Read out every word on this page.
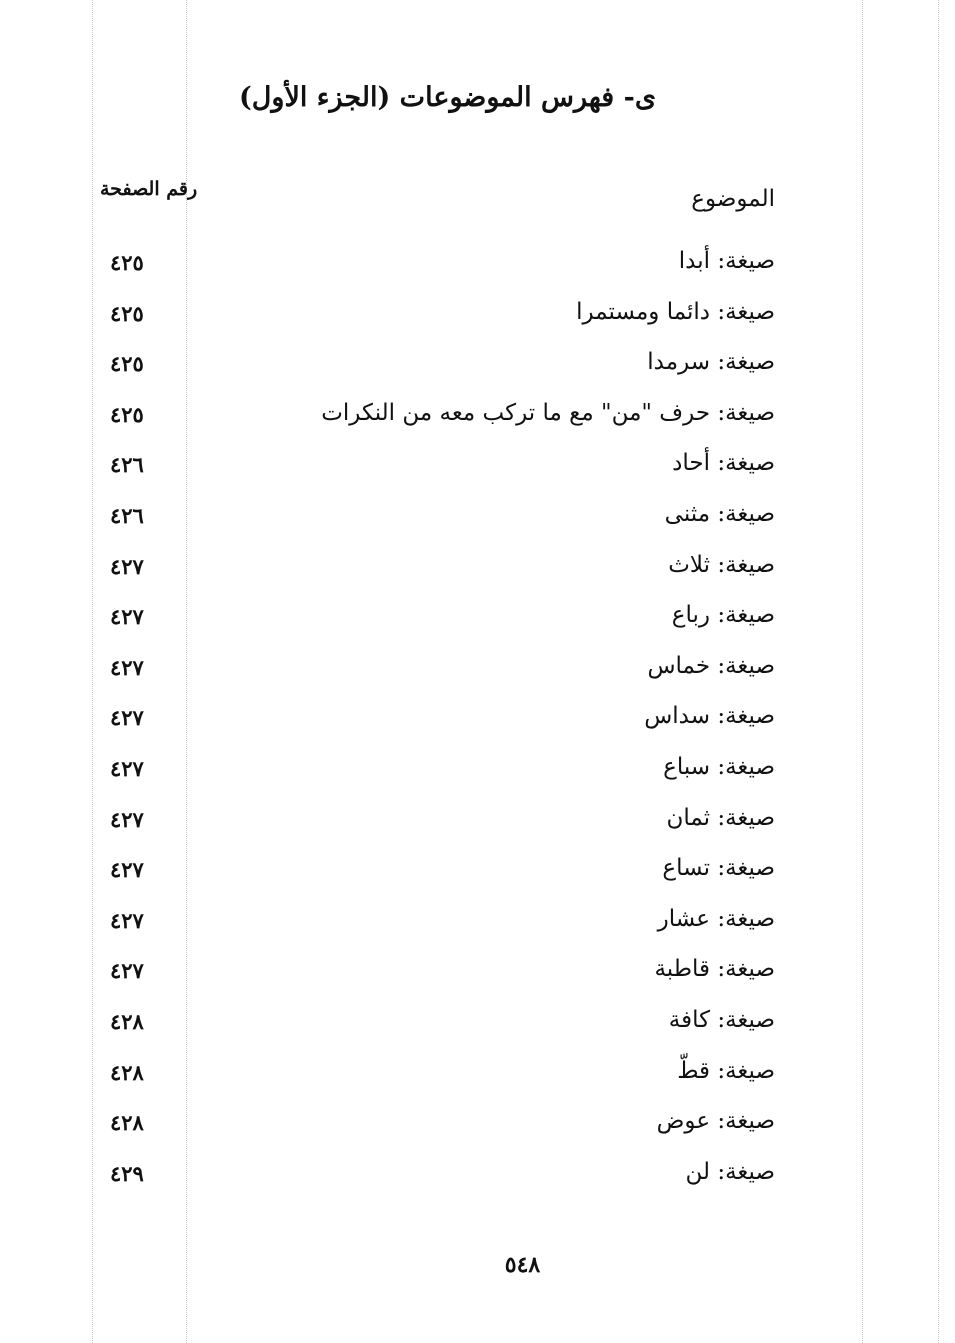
ى- فهرس الموضوعات (الجزء الأول)
الموضوع
رقم الصفحة
صيغة: أبدا
٤٢٥
صيغة: دائما ومستمرا
٤٢٥
صيغة: سرمدا
٤٢٥
صيغة: حرف "من" مع ما تركب معه من النكرات
٤٢٥
صيغة: أحاد
٤٢٦
صيغة: مثنى
٤٢٦
صيغة: ثلاث
٤٢٧
صيغة: رباع
٤٢٧
صيغة: خماس
٤٢٧
صيغة: سداس
٤٢٧
صيغة: سباع
٤٢٧
صيغة: ثمان
٤٢٧
صيغة: تساع
٤٢٧
صيغة: عشار
٤٢٧
صيغة: قاطبة
٤٢٧
صيغة: كافة
٤٢٨
صيغة: قطّ
٤٢٨
صيغة: عوض
٤٢٨
صيغة: لن
٤٢٩
٥٤٨
